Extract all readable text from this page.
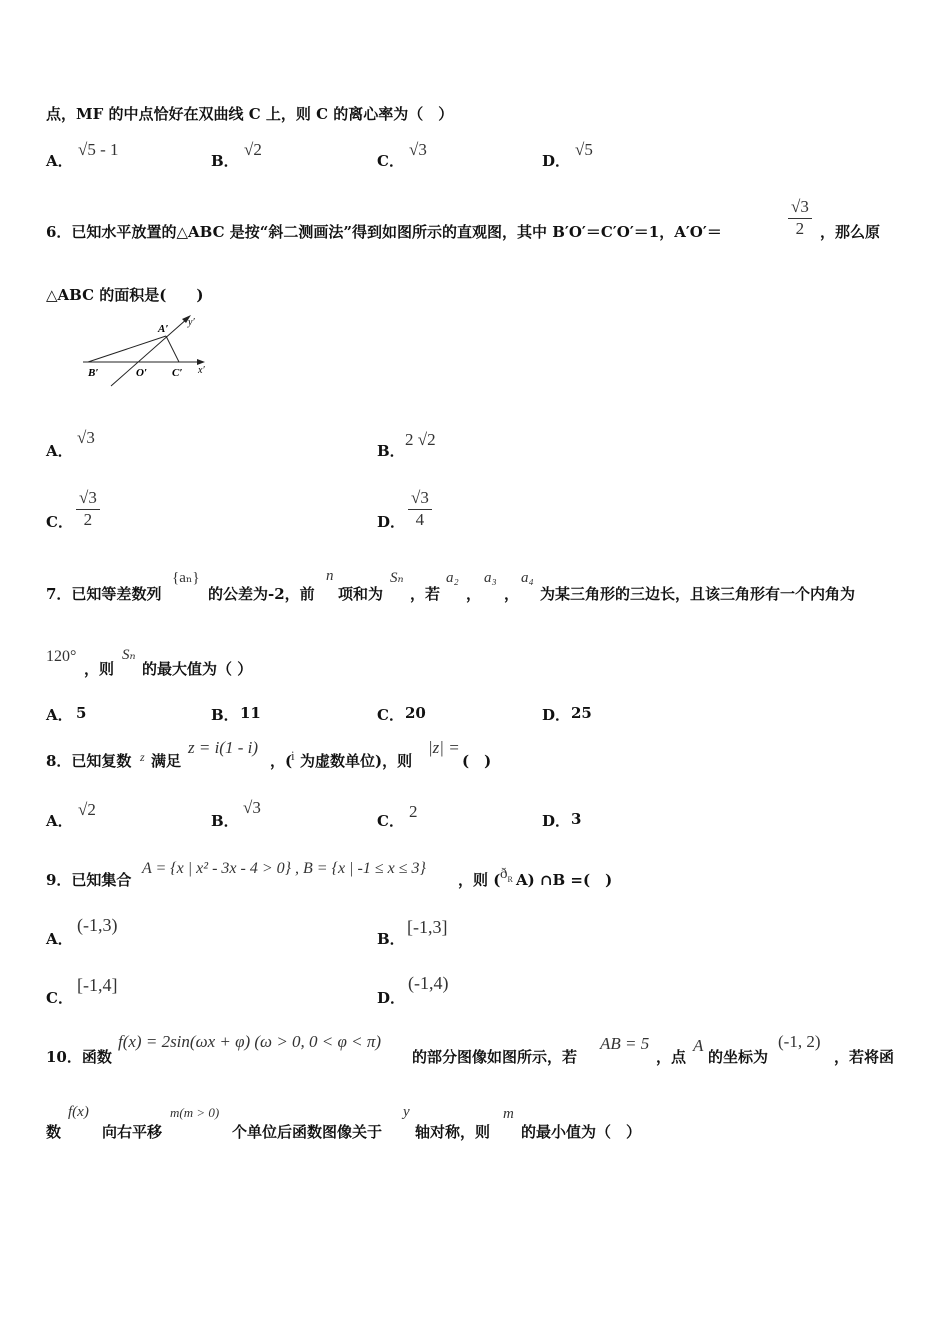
点，MF 的中点恰好在双曲线 C 上，则 C 的离心率为（　）
A．
√5 - 1
B．
√2
C．
√3
D．
√5
6．已知水平放置的△ABC 是按“斜二测画法”得到如图所示的直观图，其中 B′O′＝C′O′＝1，A′O′＝	$\frac{√3}{2}$ ，那么原
△ABC 的面积是(　　)
A′
B′	O′ C′ x′
y′
A．
√3
B．
2 √2
C． $\frac{√3}{2}$	D． $\frac{√3}{4}$
7．已知等差数列
{aₙ}
的公差为-2，前
n
项和为
Sₙ
，若
a₂
，
a₃
，
a₄
为某三角形的三边长，且该三角形有一个内角为
120°
，则
Sₙ
的最大值为（ ）
A． 5	B． 11	C． 20	D． 25
8．已知复数 z 满足
z = i(1 - i)
，(
i 为虚数单位)，则
|z| =
(　)
A．
√2
B．
√3
C． 2	D． 3
9．已知集合
A = {x | x² - 3x - 4 > 0} , B = {x | -1 ≤ x ≤ 3}
，则 ( $ð_R$ A) ∩B =(　)
A．
(-1,3)
B．
[-1,3]
C．
[-1,4]
D．
(-1,4)
10．函数
f(x) = 2sin(ωx + φ) (ω > 0, 0 < φ < π)
的部分图像如图所示，若
AB = 5
，点
A
的坐标为
(-1, 2)
，若将函
数
f(x)
向右平移
m(m > 0)
个单位后函数图像关于
y
轴对称，则
m
的最小值为（　）
